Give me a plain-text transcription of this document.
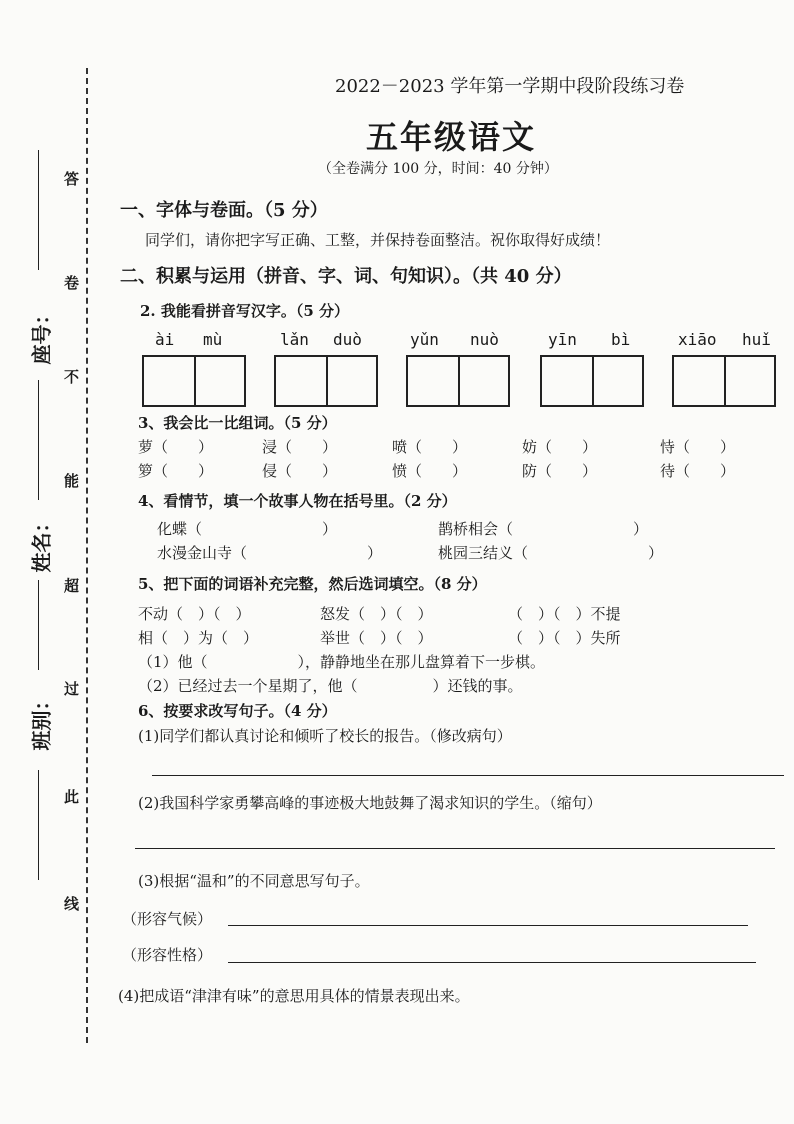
答
卷
不
能
超
过
此
线
座号：
姓名：
班别：
2022－2023 学年第一学期中段阶段练习卷
五年级语文
（全卷满分 100 分，时间：40 分钟）
一、字体与卷面。（5 分）
同学们，请你把字写正确、工整，并保持卷面整洁。祝你取得好成绩！
二、积累与运用（拼音、字、词、句知识）。（共 40 分）
2. 我能看拼音写汉字。（5 分）
ài mù	lǎn duò	yǔn nuò	yīn bì	xiāo huǐ
3、我会比一比组词。（5 分）
萝（　　）	浸（　　）	喷（　　）	妨（　　）	恃（　　）
箩（　　）	侵（　　）	愤（　　）	防（　　）	待（　　）
4、看情节，填一个故事人物在括号里。（2 分）
化蝶（　　　　　　　　）	鹊桥相会（　　　　　　　　）
水漫金山寺（　　　　　　　　）	桃园三结义（　　　　　　　　）
5、把下面的词语补充完整，然后选词填空。（8 分）
不动（　）（　）	怒发（　）（　）	（　）（　）不提
相（　）为（　）	举世（　）（　）	（　）（　）失所
（1）他（　　　　　　），静静地坐在那儿盘算着下一步棋。
（2）已经过去一个星期了，他（　　　　　）还钱的事。
6、按要求改写句子。（4 分）
(1)同学们都认真讨论和倾听了校长的报告。（修改病句）
(2)我国科学家勇攀高峰的事迹极大地鼓舞了渴求知识的学生。（缩句）
(3)根据“温和”的不同意思写句子。
（形容气候）
（形容性格）
(4)把成语“津津有味”的意思用具体的情景表现出来。
